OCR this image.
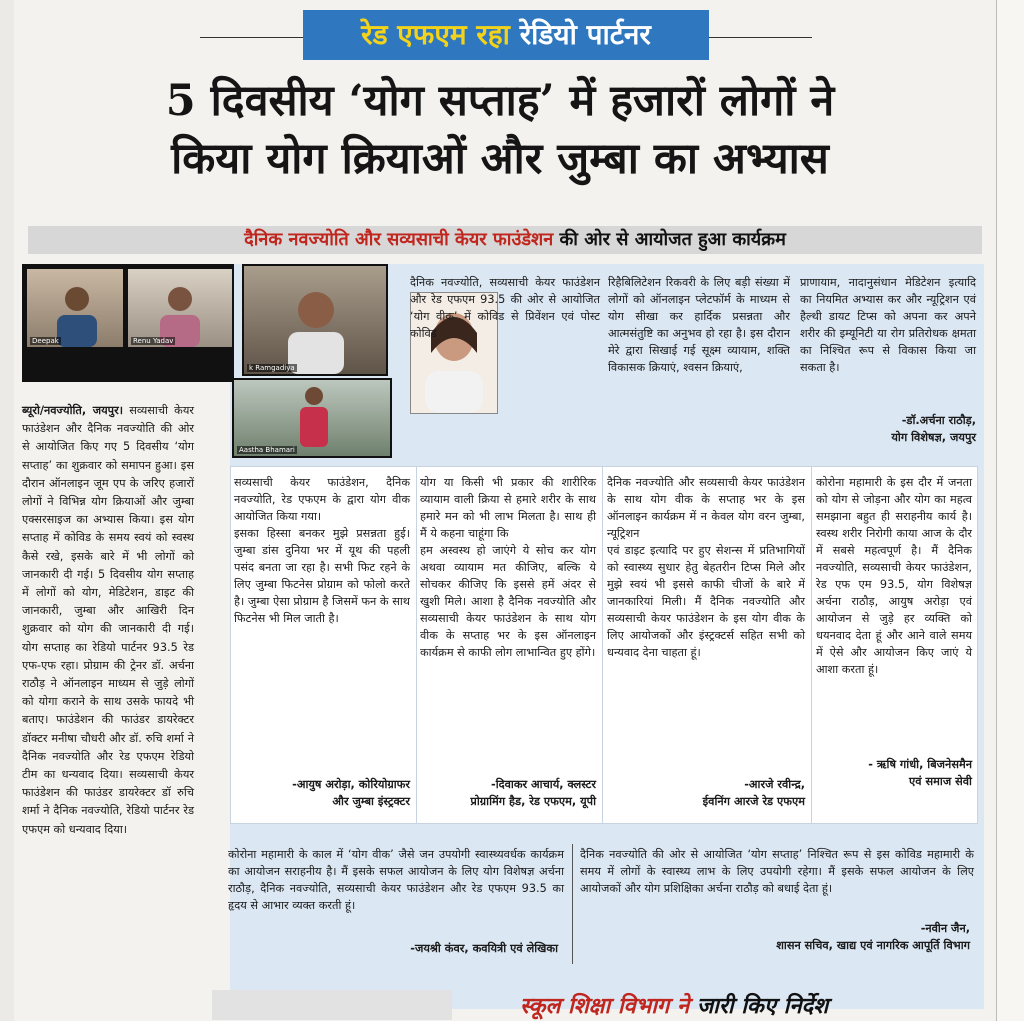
रेड एफएम रहा रेडियो पार्टनर
5 दिवसीय ‘योग सप्ताह’ में हजारों लोगों ने
किया योग क्रियाओं और जुम्बा का अभ्यास
दैनिक नवज्योति और सव्यसाची केयर फाउंडेशन की ओर से आयोजत हुआ कार्यक्रम
Deepak	Renu Yadav
k Ramgadiya
Aastha Bhamari
ब्यूरो/नवज्योति, जयपुर। सव्यसाची केयर फाउंडेशन और दैनिक नवज्योति की ओर से आयोजित किए गए 5 दिवसीय ‘योग सप्ताह’ का शुक्रवार को समापन हुआ। इस दौरान ऑनलाइन जूम एप के जरिए हजारों लोगों ने विभिन्न योग क्रियाओं और जुम्बा एक्सरसाइज का अभ्यास किया। इस योग सप्ताह में कोविड के समय स्वयं को स्वस्थ कैसे रखे, इसके बारे में भी लोगों को जानकारी दी गई। 5 दिवसीय योग सप्ताह में लोगों को योग, मेडिटेशन, डाइट की जानकारी, जुम्बा और आखिरी दिन शुक्रवार को योग की जानकारी दी गई। योग सप्ताह का रेडियो पार्टनर 93.5 रेड एफ-एफ रहा। प्रोग्राम की ट्रेनर डॉ. अर्चना राठौड़ ने ऑनलाइन माध्यम से जुड़े लोगों को योगा कराने के साथ उसके फायदे भी बताए। फाउंडेशन की फाउंडर डायरेक्टर डॉक्टर मनीषा चौधरी और डॉ. रुचि शर्मा ने दैनिक नवज्योति और रेड एफएम रेडियो टीम का धन्यवाद दिया। सव्यसाची केयर फाउंडेशन की फाउंडर डायरेक्टर डॉ रुचि शर्मा ने दैनिक नवज्योति, रेडियो पार्टनर रेड एफएम को धन्यवाद दिया।
दैनिक नवज्योति, सव्यसाची केयर फाउंडेशन और रेड एफएम 93.5 की ओर से आयोजित ‘योग वीक’ में कोविड से प्रिवेंशन एवं पोस्ट कोविड
रिहैबिलिटेशन रिकवरी के लिए बड़ी संख्या में लोगों को ऑनलाइन प्लेटफॉर्म के माध्यम से योग सीखा कर हार्दिक प्रसन्नता और आत्मसंतुष्टि का अनुभव हो रहा है। इस दौरान मेरे द्वारा सिखाई गई सूक्ष्म व्यायाम, शक्ति विकासक क्रियाएं, श्वसन क्रियाएं,
प्राणायाम, नादानुसंधान मेडिटेशन इत्यादि का नियमित अभ्यास कर और न्यूट्रिशन एवं हैल्थी डायट टिप्स को अपना कर अपने शरीर की इम्यूनिटी या रोग प्रतिरोधक क्षमता का निश्चित रूप से विकास किया जा सकता है।
-डॉ.अर्चना राठौड़,
योग विशेषज्ञ, जयपुर
सव्यसाची केयर फाउंडेशन, दैनिक नवज्योति, रेड एफएम के द्वारा योग वीक आयोजित किया गया।
इसका हिस्सा बनकर मुझे प्रसन्नता हुई। जुम्बा डांस दुनिया भर में यूथ की पहली पसंद बनता जा रहा है। सभी फिट रहने के लिए जुम्बा फिटनेस प्रोग्राम को फोलो करते है। जुम्बा ऐसा प्रोग्राम है जिसमें फन के साथ फिटनेस भी मिल जाती है।
-आयुष अरोड़ा, कोरियोग्राफर
और जुम्बा इंस्ट्रक्टर
योग या किसी भी प्रकार की शारीरिक व्यायाम वाली क्रिया से हमारे शरीर के साथ हमारे मन को भी लाभ मिलता है। साथ ही मैं ये कहना चाहूंगा कि
हम अस्वस्थ हो जाएंगे ये सोच कर योग अथवा व्यायाम मत कीजिए, बल्कि ये सोचकर कीजिए कि इससे हमें अंदर से खुशी मिले। आशा है दैनिक नवज्योति और सव्यसाची केयर फाउंडेशन के साथ योग वीक के सप्ताह भर के इस ऑनलाइन कार्यक्रम से काफी लोग लाभान्वित हुए होंगे।
-दिवाकर आचार्य, क्लस्टर
प्रोग्रामिंग हैड, रेड एफएम, यूपी
दैनिक नवज्योति और सव्यसाची केयर फाउंडेशन के साथ योग वीक के सप्ताह भर के इस ऑनलाइन कार्यक्रम में न केवल योग वरन जुम्बा, न्यूट्रिशन
एवं डाइट इत्यादि पर हुए सेशन्स में प्रतिभागियों को स्वास्थ्य सुधार हेतु बेहतरीन टिप्स मिले और मुझे स्वयं भी इससे काफी चीजों के बारे में जानकारियां मिली। मैं दैनिक नवज्योति और सव्यसाची केयर फाउंडेशन के इस योग वीक के लिए आयोजकों और इंस्ट्रक्टर्स सहित सभी को धन्यवाद देना चाहता हूं।
-आरजे रवीन्द्र,
ईवनिंग आरजे रेड एफएम
कोरोना महामारी के इस दौर में जनता को योग से जोड़ना और योग का महत्व समझाना बहुत ही सराहनीय कार्य है। स्वस्थ शरीर निरोगी काया आज के दौर में सबसे महत्वपूर्ण है। मैं दैनिक नवज्योति, सव्यसाची केयर फाउंडेशन, रेड एफ एम 93.5, योग विशेषज्ञ अर्चना राठौड़, आयुष अरोड़ा एवं आयोजन से जुड़े हर व्यक्ति को धयनवाद देता हूं और आने वाले समय में ऐसे और आयोजन किए जाएं ये आशा करता हूं।
- ऋषि गांधी, बिजनेसमैन
एवं समाज सेवी
कोरोना महामारी के काल में ‘योग वीक’ जैसे जन उपयोगी स्वास्थ्यवर्धक कार्यक्रम का आयोजन सराहनीय है। मैं इसके सफल आयोजन के लिए योग विशेषज्ञ अर्चना राठौड़, दैनिक नवज्योति, सव्यसाची केयर फाउंडेशन और रेड एफएम 93.5 का हृदय से आभार व्यक्त करती हूं।
-जयश्री कंवर, कवयित्री एवं लेखिका
दैनिक नवज्योति की ओर से आयोजित ‘योग सप्ताह’ निश्चित रूप से इस कोविड महामारी के समय में लोगों के स्वास्थ्य लाभ के लिए उपयोगी रहेगा। मैं इसके सफल आयोजन के लिए आयोजकों और योग प्रशिक्षिका अर्चना राठौड़ को बधाई देता हूं।
-नवीन जैन,
शासन सचिव, खाद्य एवं नागरिक आपूर्ति विभाग
स्कूल शिक्षा विभाग ने जारी किए निर्देश
